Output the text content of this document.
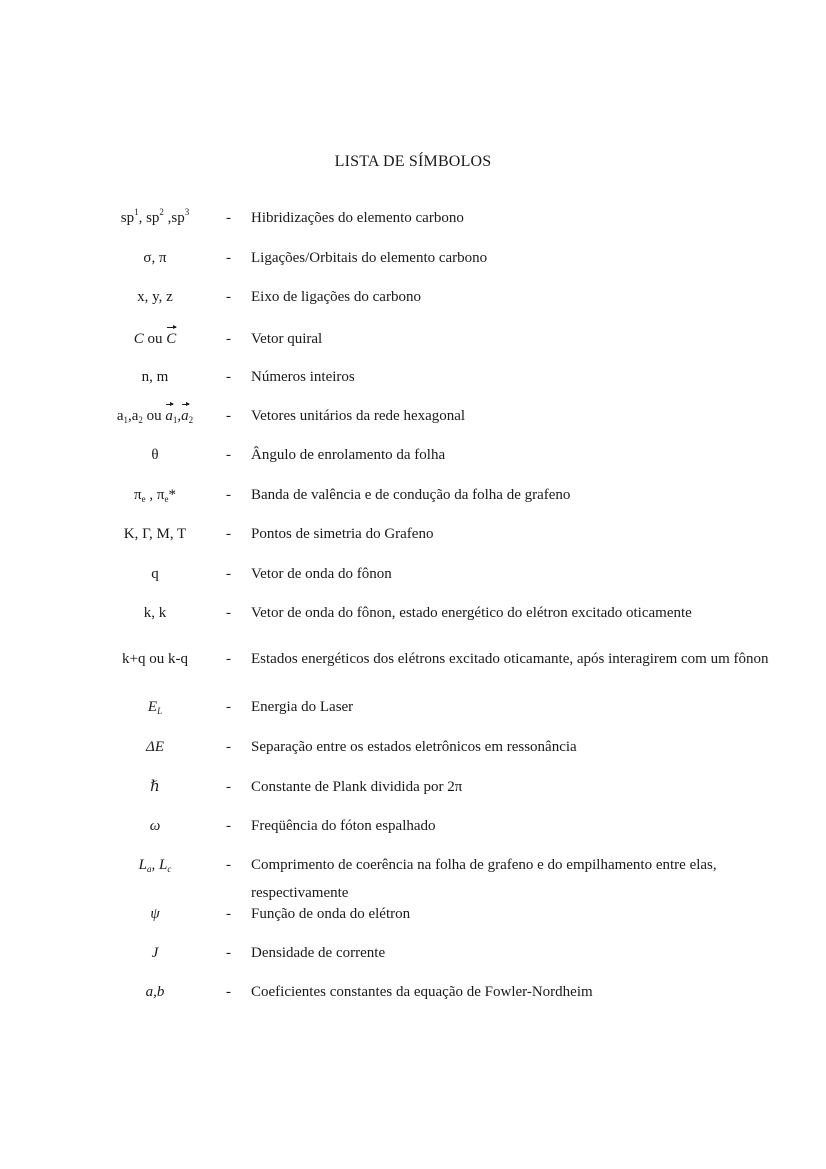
LISTA DE SÍMBOLOS
$sp^1$, $sp^2$ $,sp^3$	- Hibridizações do elemento carbono
σ, π	- Ligações/Orbitais do elemento carbono
x, y, z	- Eixo de ligações do carbono
C ou C	- Vetor quiral
n, m	- Números inteiros
$a_1,a_2$ ou $a_1,a_2$	- Vetores unitários da rede hexagonal
θ	- Ângulo de enrolamento da folha
$\pi_e$ , $\pi_e*$	- Banda de valência e de condução da folha de grafeno
K, Γ, M, T	- Pontos de simetria do Grafeno
q	- Vetor de onda do fônon
k, k	- Vetor de onda do fônon, estado energético do elétron excitado oticamente
k+q ou k-q	- Estados energéticos dos elétrons excitado oticamante, após interagirem com um fônon
$E_L$	- Energia do Laser
ΔE	- Separação entre os estados eletrônicos em ressonância
ℏ	- Constante de Plank dividida por 2π
ω	- Freqüência do fóton espalhado
$L_a$, $L_c$	- Comprimento de coerência na folha de grafeno e do empilhamento entre elas, respectivamente
ψ	- Função de onda do elétron
J	- Densidade de corrente
a,b	- Coeficientes constantes da equação de Fowler-Nordheim
